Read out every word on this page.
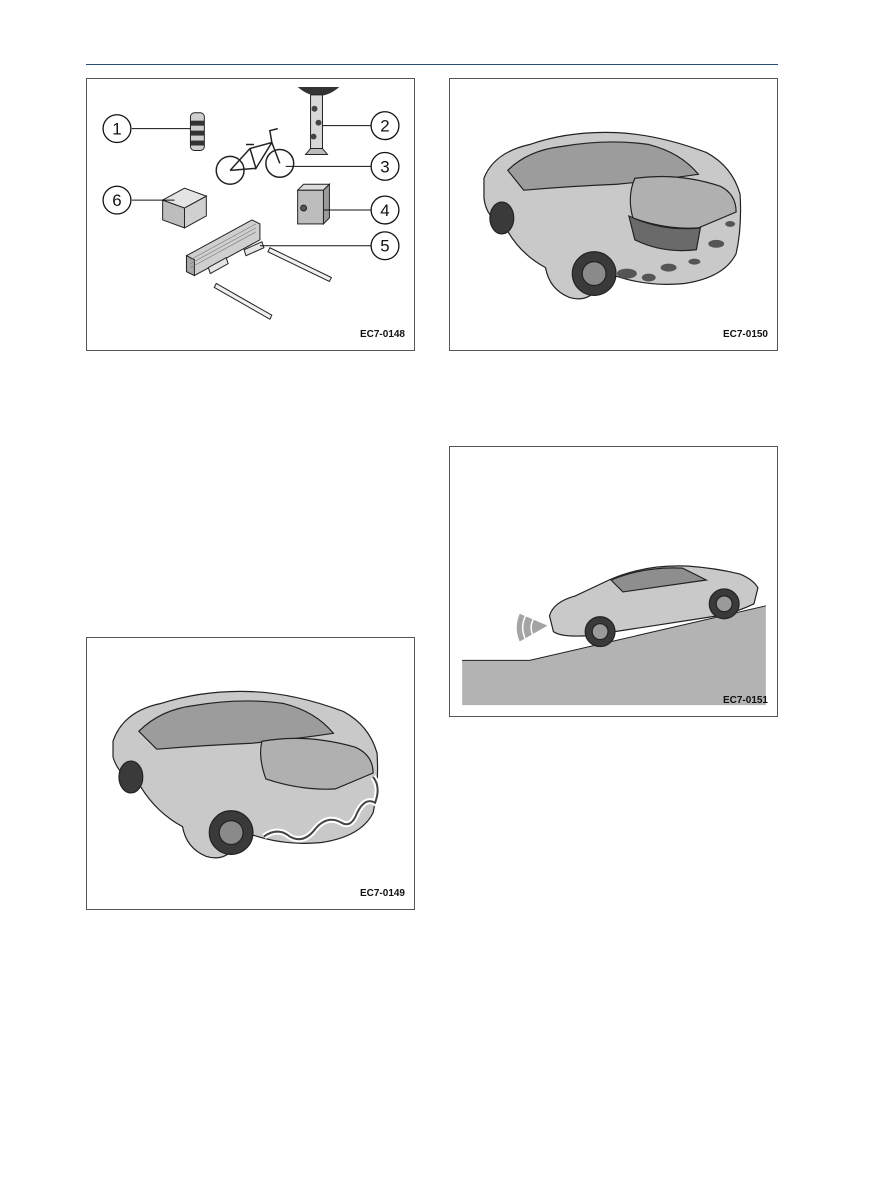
1	2
3
4
5
6
EC7-0148	EC7-0150
EC7-0151
EC7-0149
